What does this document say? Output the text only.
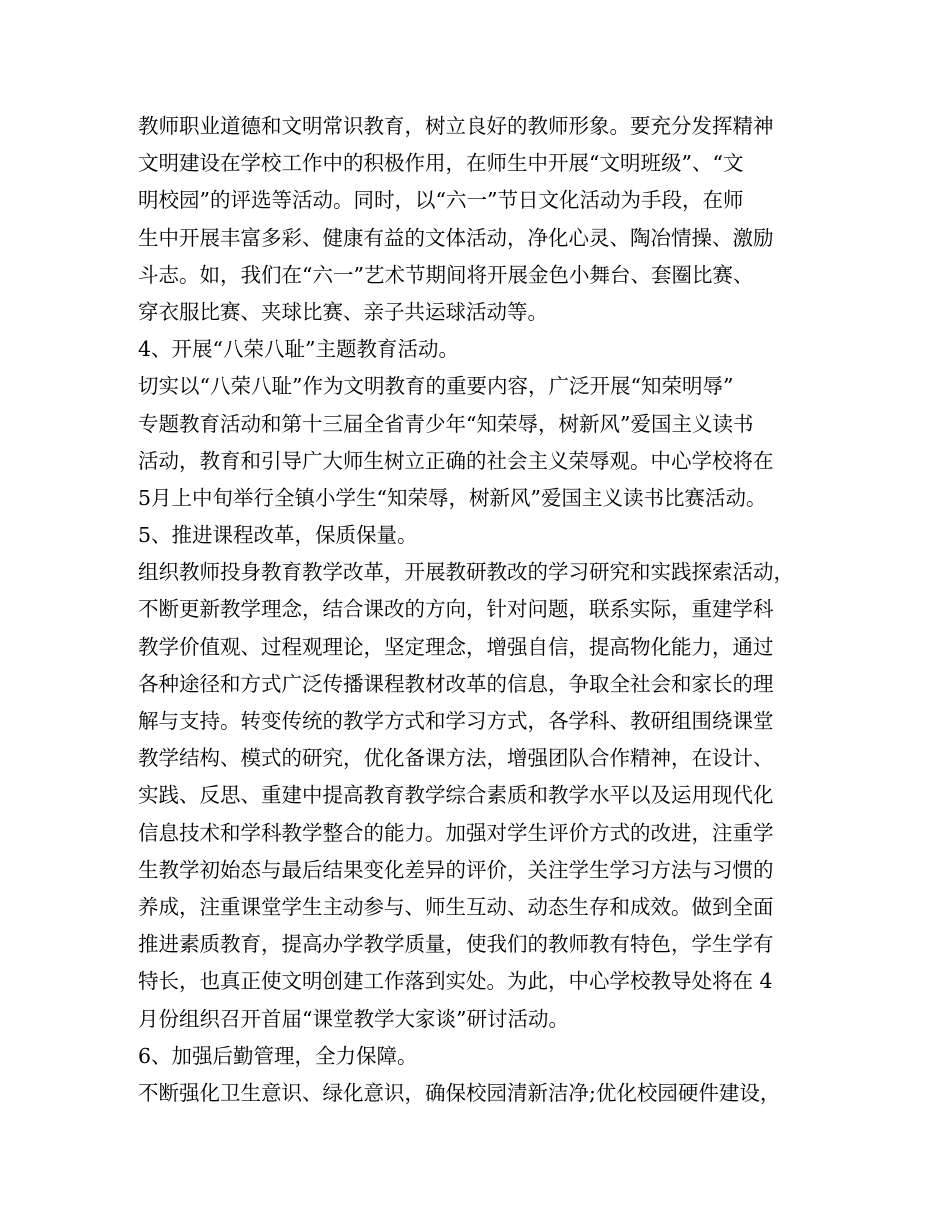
教师职业道德和文明常识教育，树立良好的教师形象。要充分发挥精神
文明建设在学校工作中的积极作用，在师生中开展“文明班级”、“文
明校园”的评选等活动。同时，以“六一”节日文化活动为手段，在师
生中开展丰富多彩、健康有益的文体活动，净化心灵、陶冶情操、激励
斗志。如，我们在“六一”艺术节期间将开展金色小舞台、套圈比赛、
穿衣服比赛、夹球比赛、亲子共运球活动等。
4、开展“八荣八耻”主题教育活动。
切实以“八荣八耻”作为文明教育的重要内容，广泛开展“知荣明辱”
专题教育活动和第十三届全省青少年“知荣辱，树新风”爱国主义读书
活动，教育和引导广大师生树立正确的社会主义荣辱观。中心学校将在
5月上中旬举行全镇小学生“知荣辱，树新风”爱国主义读书比赛活动。
5、推进课程改革，保质保量。
组织教师投身教育教学改革，开展教研教改的学习研究和实践探索活动，
不断更新教学理念，结合课改的方向，针对问题，联系实际，重建学科
教学价值观、过程观理论，坚定理念，增强自信，提高物化能力，通过
各种途径和方式广泛传播课程教材改革的信息，争取全社会和家长的理
解与支持。转变传统的教学方式和学习方式，各学科、教研组围绕课堂
教学结构、模式的研究，优化备课方法，增强团队合作精神，在设计、
实践、反思、重建中提高教育教学综合素质和教学水平以及运用现代化
信息技术和学科教学整合的能力。加强对学生评价方式的改进，注重学
生教学初始态与最后结果变化差异的评价，关注学生学习方法与习惯的
养成，注重课堂学生主动参与、师生互动、动态生存和成效。做到全面
推进素质教育，提高办学教学质量，使我们的教师教有特色，学生学有
特长，也真正使文明创建工作落到实处。为此，中心学校教导处将在 4
月份组织召开首届“课堂教学大家谈”研讨活动。
6、加强后勤管理，全力保障。
不断强化卫生意识、绿化意识，确保校园清新洁净;优化校园硬件建设，
